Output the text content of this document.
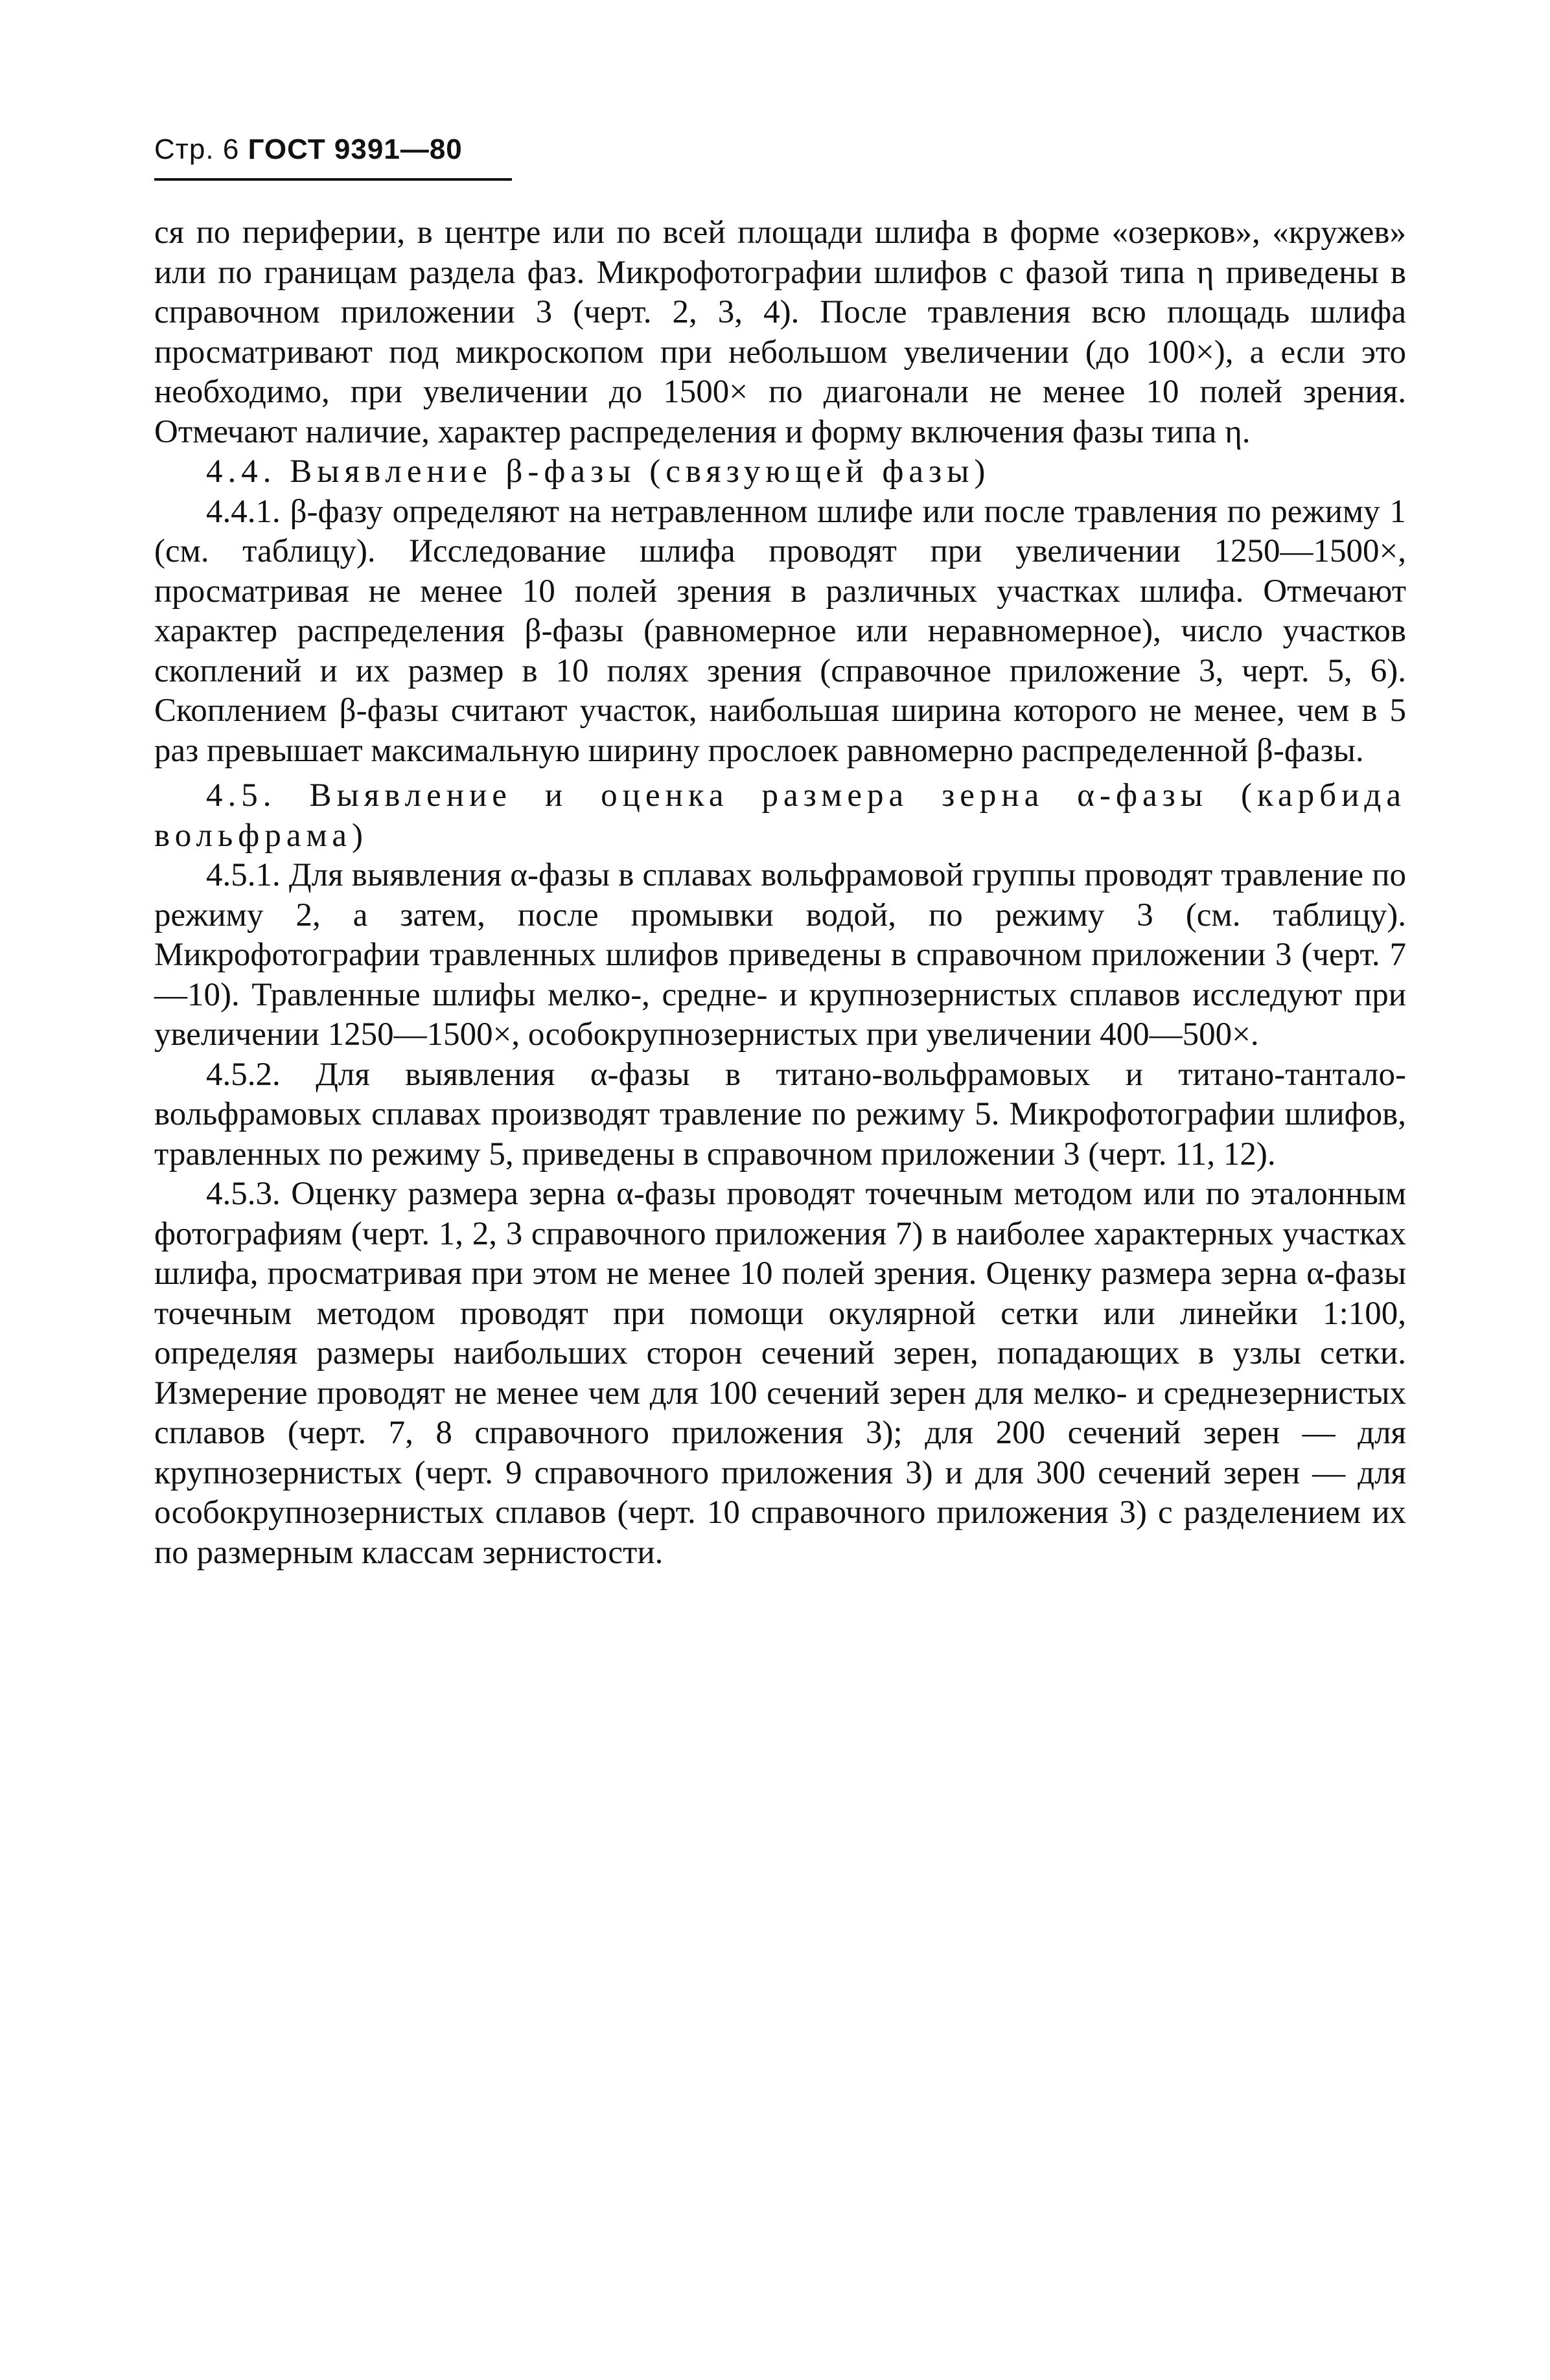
Стр. 6 ГОСТ 9391—80

ся по периферии, в центре или по всей площади шлифа в форме «озерков», «кружев» или по границам раздела фаз. Микрофотографии шлифов с фазой типа η приведены в справочном приложении 3 (черт. 2, 3, 4). После травления всю площадь шлифа просматривают под микроскопом при небольшом увеличении (до 100×), а если это необходимо, при увеличении до 1500× по диагонали не менее 10 полей зрения. Отмечают наличие, характер распределения и форму включения фазы типа η.

4.4. Выявление β-фазы (связующей фазы)

4.4.1. β-фазу определяют на нетравленном шлифе или после травления по режиму 1 (см. таблицу). Исследование шлифа проводят при увеличении 1250—1500×, просматривая не менее 10 полей зрения в различных участках шлифа. Отмечают характер распределения β-фазы (равномерное или неравномерное), число участков скоплений и их размер в 10 полях зрения (справочное приложение 3, черт. 5, 6). Скоплением β-фазы считают участок, наибольшая ширина которого не менее, чем в 5 раз превышает максимальную ширину прослоек равномерно распределенной β-фазы.

4.5. Выявление и оценка размера зерна α-фазы (карбида вольфрама)

4.5.1. Для выявления α-фазы в сплавах вольфрамовой группы проводят травление по режиму 2, а затем, после промывки водой, по режиму 3 (см. таблицу). Микрофотографии травленных шлифов приведены в справочном приложении 3 (черт. 7—10). Травленные шлифы мелко-, средне- и крупнозернистых сплавов исследуют при увеличении 1250—1500×, особокрупнозернистых при увеличении 400—500×.

4.5.2. Для выявления α-фазы в титано-вольфрамовых и титано-тантало-вольфрамовых сплавах производят травление по режиму 5. Микрофотографии шлифов, травленных по режиму 5, приведены в справочном приложении 3 (черт. 11, 12).

4.5.3. Оценку размера зерна α-фазы проводят точечным методом или по эталонным фотографиям (черт. 1, 2, 3 справочного приложения 7) в наиболее характерных участках шлифа, просматривая при этом не менее 10 полей зрения. Оценку размера зерна α-фазы точечным методом проводят при помощи окулярной сетки или линейки 1:100, определяя размеры наибольших сторон сечений зерен, попадающих в узлы сетки. Измерение проводят не менее чем для 100 сечений зерен для мелко- и среднезернистых сплавов (черт. 7, 8 справочного приложения 3); для 200 сечений зерен — для крупнозернистых (черт. 9 справочного приложения 3) и для 300 сечений зерен — для особокрупнозернистых сплавов (черт. 10 справочного приложения 3) с разделением их по размерным классам зернистости.
